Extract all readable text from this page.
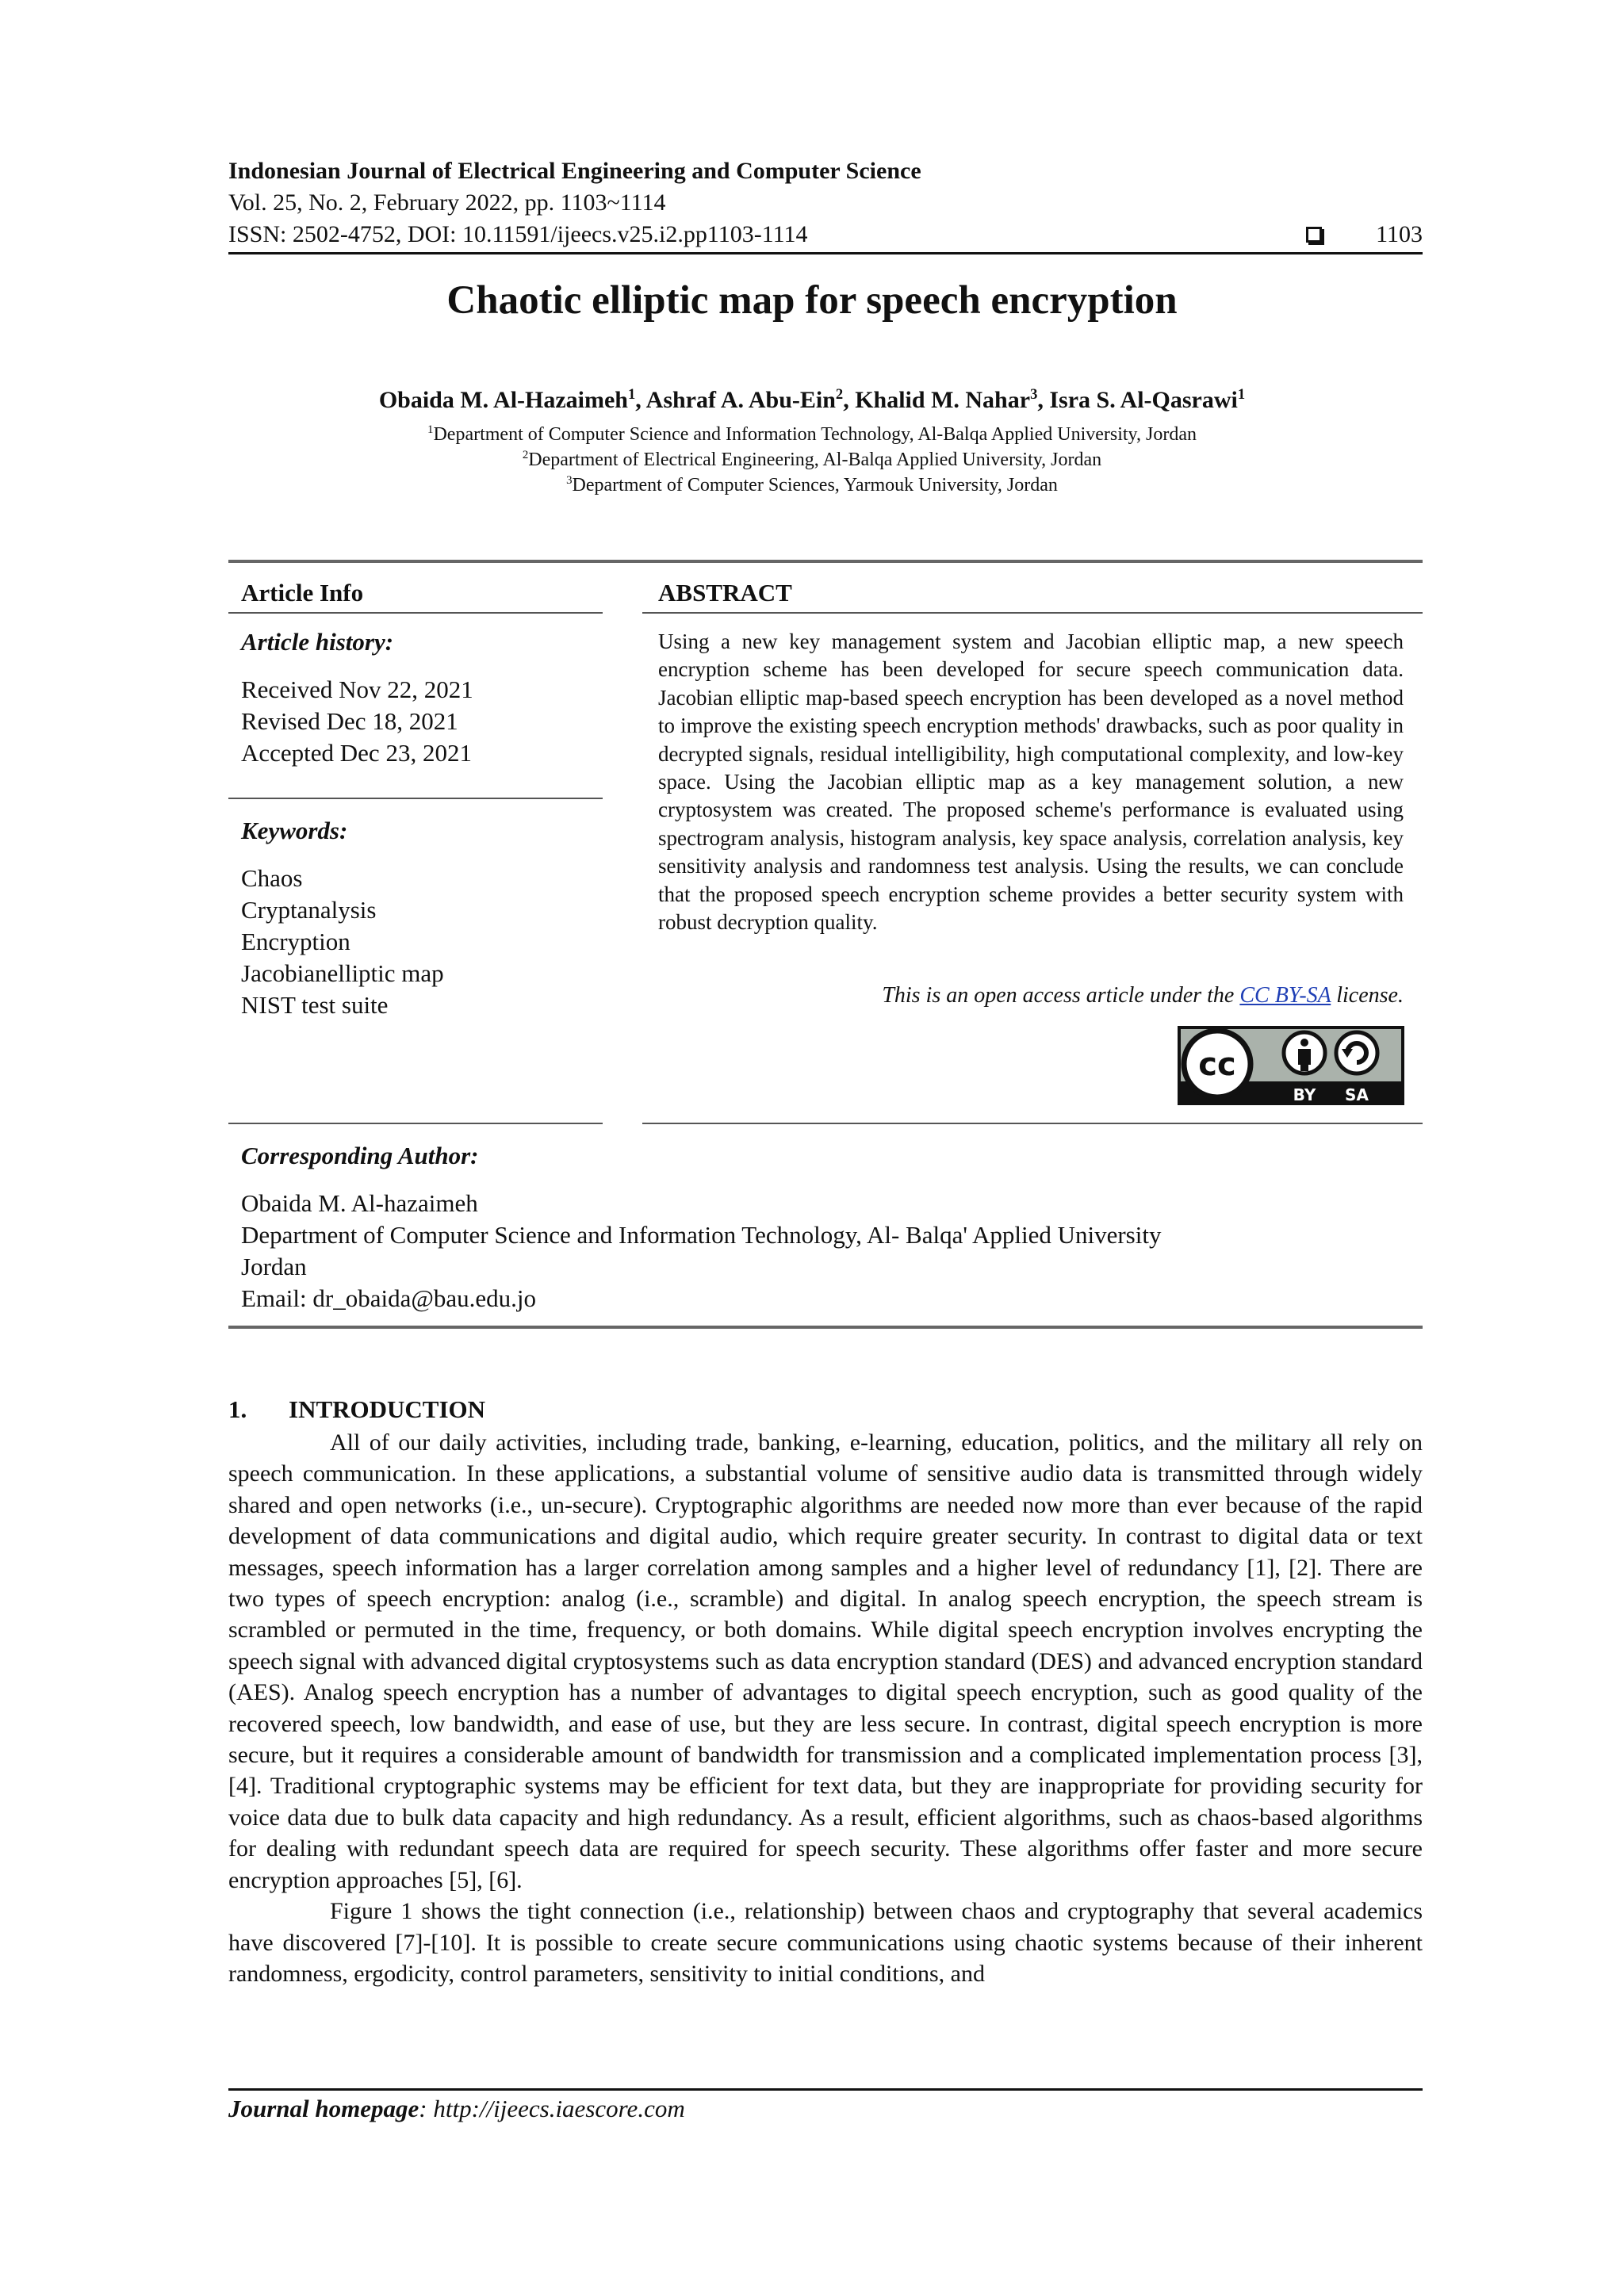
Indonesian Journal of Electrical Engineering and Computer Science
Vol. 25, No. 2, February 2022, pp. 1103~1114
ISSN: 2502-4752, DOI: 10.11591/ijeecs.v25.i2.pp1103-1114	1103
Chaotic elliptic map for speech encryption
Obaida M. Al-Hazaimeh$^1$, Ashraf A. Abu-Ein$^2$, Khalid M. Nahar$^3$, Isra S. Al-Qasrawi$^1$
$^1$Department of Computer Science and Information Technology, Al-Balqa Applied University, Jordan
$^2$Department of Electrical Engineering, Al-Balqa Applied University, Jordan
$^3$Department of Computer Sciences, Yarmouk University, Jordan
Article Info	ABSTRACT
Article history:
Received Nov 22, 2021
Revised Dec 18, 2021
Accepted Dec 23, 2021
Keywords:
Chaos
Cryptanalysis
Encryption
Jacobianelliptic map
NIST test suite
Using a new key management system and Jacobian elliptic map, a new speech encryption scheme has been developed for secure speech communication data. Jacobian elliptic map-based speech encryption has been developed as a novel method to improve the existing speech encryption methods' drawbacks, such as poor quality in decrypted signals, residual intelligibility, high computational complexity, and low-key space. Using the Jacobian elliptic map as a key management solution, a new cryptosystem was created. The proposed scheme's performance is evaluated using spectrogram analysis, histogram analysis, key space analysis, correlation analysis, key sensitivity analysis and randomness test analysis. Using the results, we can conclude that the proposed speech encryption scheme provides a better security system with robust decryption quality.
This is an open access article under the CC BY-SA license.
cc
BY SA
Corresponding Author:
Obaida M. Al-hazaimeh
Department of Computer Science and Information Technology, Al- Balqa' Applied University
Jordan
Email: dr_obaida@bau.edu.jo
1. INTRODUCTION

All of our daily activities, including trade, banking, e-learning, education, politics, and the military all rely on speech communication. In these applications, a substantial volume of sensitive audio data is transmitted through widely shared and open networks (i.e., un-secure). Cryptographic algorithms are needed now more than ever because of the rapid development of data communications and digital audio, which require greater security. In contrast to digital data or text messages, speech information has a larger correlation among samples and a higher level of redundancy [1], [2]. There are two types of speech encryption: analog (i.e., scramble) and digital. In analog speech encryption, the speech stream is scrambled or permuted in the time, frequency, or both domains. While digital speech encryption involves encrypting the speech signal with advanced digital cryptosystems such as data encryption standard (DES) and advanced encryption standard (AES). Analog speech encryption has a number of advantages to digital speech encryption, such as good quality of the recovered speech, low bandwidth, and ease of use, but they are less secure. In contrast, digital speech encryption is more secure, but it requires a considerable amount of bandwidth for transmission and a complicated implementation process [3], [4]. Traditional cryptographic systems may be efficient for text data, but they are inappropriate for providing security for voice data due to bulk data capacity and high redundancy. As a result, efficient algorithms, such as chaos-based algorithms for dealing with redundant speech data are required for speech security. These algorithms offer faster and more secure encryption approaches [5], [6].

Figure 1 shows the tight connection (i.e., relationship) between chaos and cryptography that several academics have discovered [7]-[10]. It is possible to create secure communications using chaotic systems because of their inherent randomness, ergodicity, control parameters, sensitivity to initial conditions, and

Journal homepage: http://ijeecs.iaescore.com
